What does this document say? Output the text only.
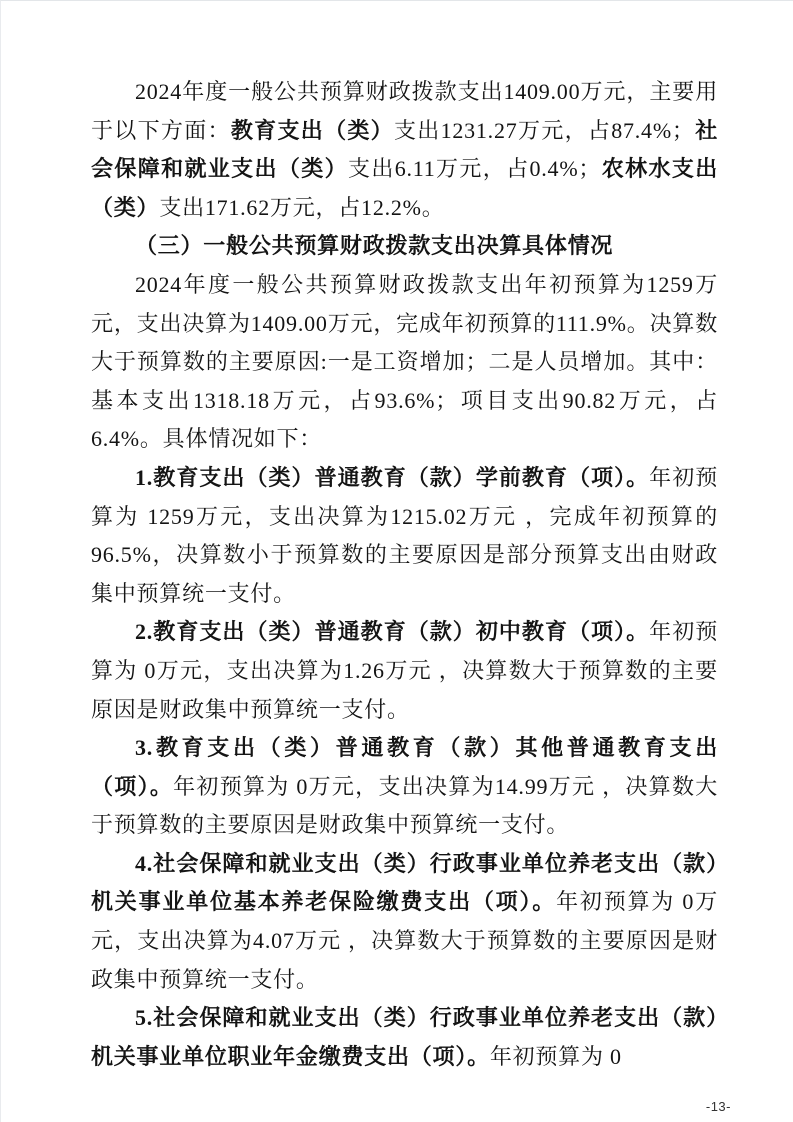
2024年度一般公共预算财政拨款支出1409.00万元，主要用于以下方面：教育支出（类）支出1231.27万元，占87.4%；社会保障和就业支出（类）支出6.11万元，占0.4%；农林水支出（类）支出171.62万元，占12.2%。

（三）一般公共预算财政拨款支出决算具体情况

2024年度一般公共预算财政拨款支出年初预算为1259万元，支出决算为1409.00万元，完成年初预算的111.9%。决算数大于预算数的主要原因:一是工资增加；二是人员增加。其中：基本支出1318.18万元，占93.6%；项目支出90.82万元，占6.4%。具体情况如下：

1.教育支出（类）普通教育（款）学前教育（项）。年初预算为 1259万元，支出决算为1215.02万元 ，完成年初预算的96.5%，决算数小于预算数的主要原因是部分预算支出由财政集中预算统一支付。

2.教育支出（类）普通教育（款）初中教育（项）。年初预算为 0万元，支出决算为1.26万元 ，决算数大于预算数的主要原因是财政集中预算统一支付。

3.教育支出（类）普通教育（款）其他普通教育支出（项）。年初预算为 0万元，支出决算为14.99万元 ，决算数大于预算数的主要原因是财政集中预算统一支付。

4.社会保障和就业支出（类）行政事业单位养老支出（款）机关事业单位基本养老保险缴费支出（项）。年初预算为 0万元，支出决算为4.07万元 ，决算数大于预算数的主要原因是财政集中预算统一支付。

5.社会保障和就业支出（类）行政事业单位养老支出（款）机关事业单位职业年金缴费支出（项）。年初预算为 0

-13-
